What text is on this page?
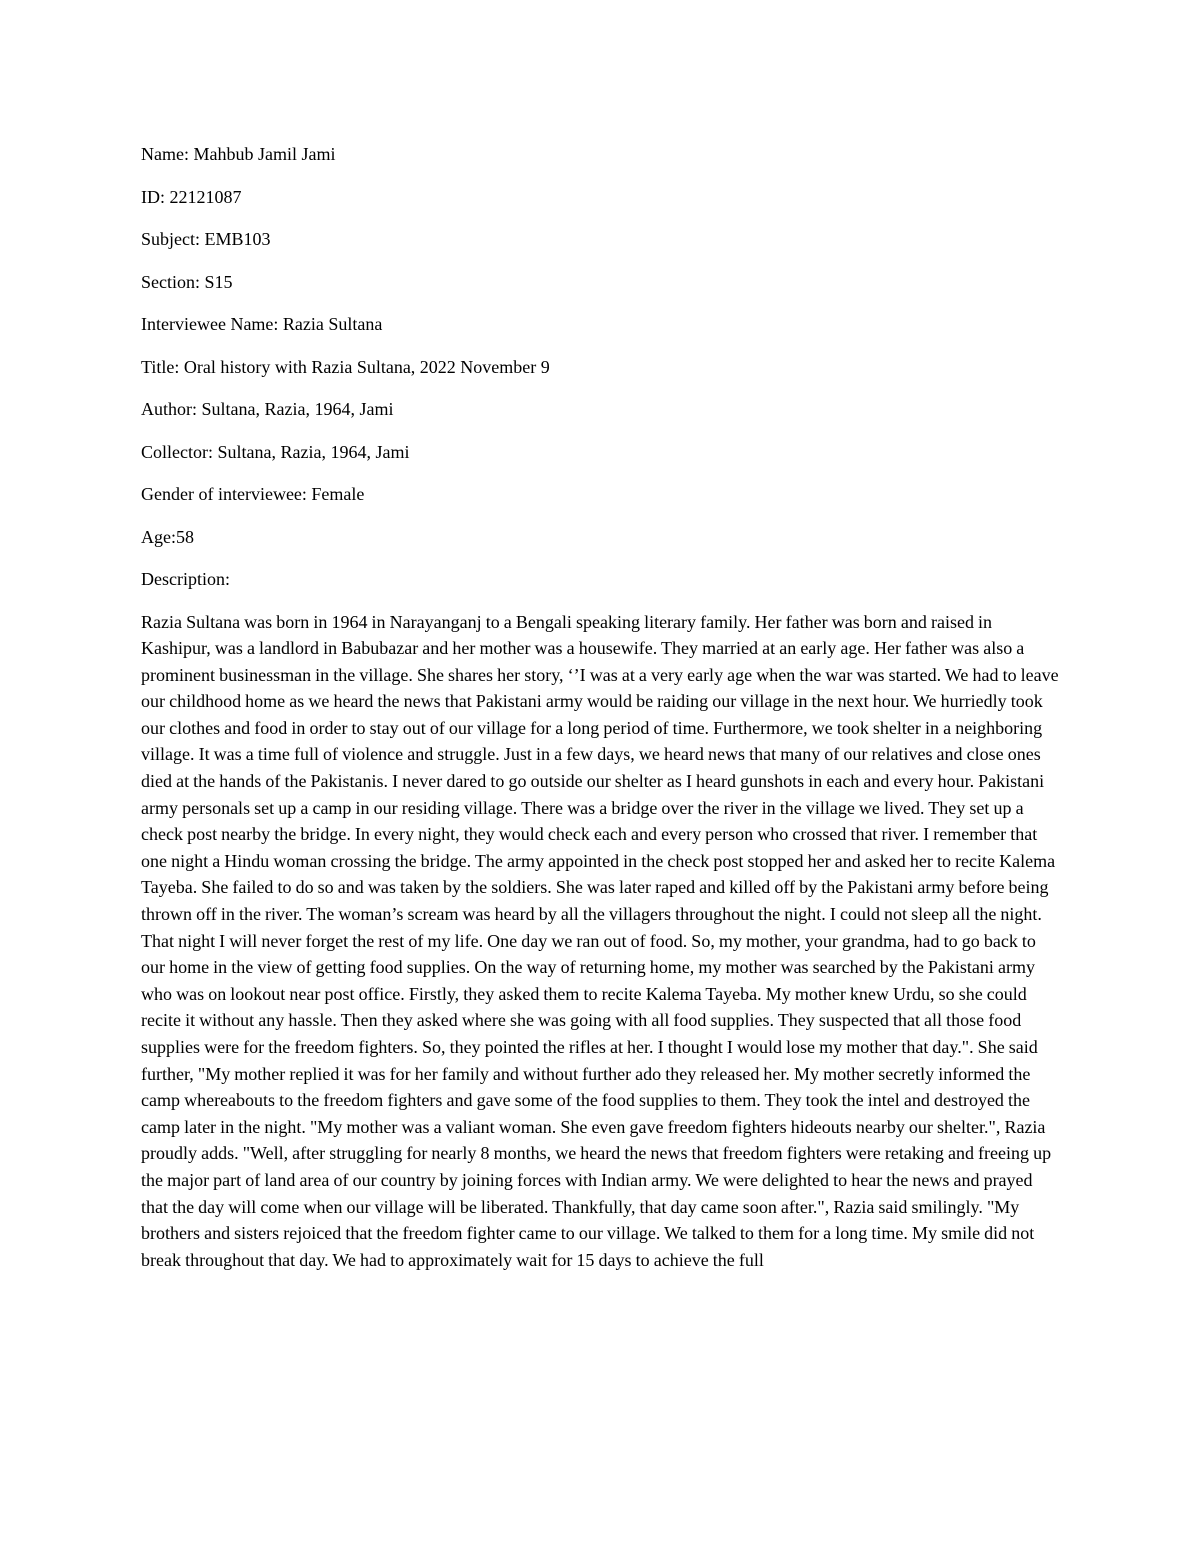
Name: Mahbub Jamil Jami

ID: 22121087

Subject: EMB103

Section: S15

Interviewee Name: Razia Sultana

Title: Oral history with Razia Sultana, 2022 November 9

Author: Sultana, Razia, 1964, Jami

Collector: Sultana, Razia, 1964, Jami

Gender of interviewee: Female

Age:58

Description:

Razia Sultana was born in 1964 in Narayanganj to a Bengali speaking literary family. Her father was born and raised in Kashipur, was a landlord in Babubazar and her mother was a housewife. They married at an early age. Her father was also a prominent businessman in the village. She shares her story, ‘’I was at a very early age when the war was started. We had to leave our childhood home as we heard the news that Pakistani army would be raiding our village in the next hour. We hurriedly took our clothes and food in order to stay out of our village for a long period of time. Furthermore, we took shelter in a neighboring village. It was a time full of violence and struggle. Just in a few days, we heard news that many of our relatives and close ones died at the hands of the Pakistanis. I never dared to go outside our shelter as I heard gunshots in each and every hour. Pakistani army personals set up a camp in our residing village. There was a bridge over the river in the village we lived. They set up a check post nearby the bridge. In every night, they would check each and every person who crossed that river. I remember that one night a Hindu woman crossing the bridge. The army appointed in the check post stopped her and asked her to recite Kalema Tayeba. She failed to do so and was taken by the soldiers. She was later raped and killed off by the Pakistani army before being thrown off in the river. The woman’s scream was heard by all the villagers throughout the night. I could not sleep all the night. That night I will never forget the rest of my life. One day we ran out of food. So, my mother, your grandma, had to go back to our home in the view of getting food supplies. On the way of returning home, my mother was searched by the Pakistani army who was on lookout near post office. Firstly, they asked them to recite Kalema Tayeba. My mother knew Urdu, so she could recite it without any hassle. Then they asked where she was going with all food supplies. They suspected that all those food supplies were for the freedom fighters. So, they pointed the rifles at her. I thought I would lose my mother that day.". She said further, "My mother replied it was for her family and without further ado they released her. My mother secretly informed the camp whereabouts to the freedom fighters and gave some of the food supplies to them. They took the intel and destroyed the camp later in the night. "My mother was a valiant woman. She even gave freedom fighters hideouts nearby our shelter.", Razia proudly adds. "Well, after struggling for nearly 8 months, we heard the news that freedom fighters were retaking and freeing up the major part of land area of our country by joining forces with Indian army. We were delighted to hear the news and prayed that the day will come when our village will be liberated. Thankfully, that day came soon after.", Razia said smilingly. "My brothers and sisters rejoiced that the freedom fighter came to our village. We talked to them for a long time. My smile did not break throughout that day. We had to approximately wait for 15 days to achieve the full
